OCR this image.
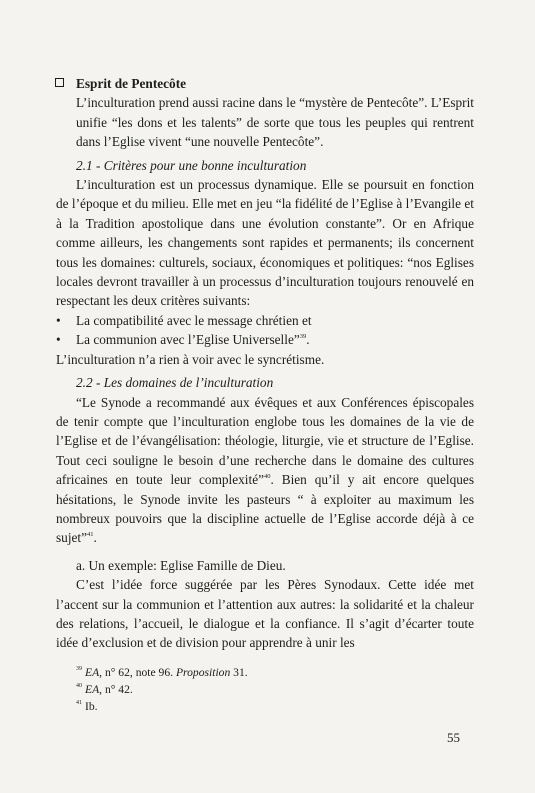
Esprit de Pentecôte

L’inculturation prend aussi racine dans le “mystère de Pentecôte”. L’Esprit unifie “les dons et les talents” de sorte que tous les peuples qui rentrent dans l’Eglise vivent “une nouvelle Pentecôte”.

2.1 - Critères pour une bonne inculturation

L’inculturation est un processus dynamique. Elle se poursuit en fonction de l’époque et du milieu. Elle met en jeu “la fidélité de l’Eglise à l’Evangile et à la Tradition apostolique dans une évolution constante”. Or en Afrique comme ailleurs, les changements sont rapides et permanents; ils concernent tous les domaines: culturels, sociaux, économiques et politiques: “nos Eglises locales devront travailler à un processus d’inculturation toujours renouvelé en respectant les deux critères suivants:

• La compatibilité avec le message chrétien et
• La communion avec l’Eglise Universelle”$^{39}$.

L’inculturation n’a rien à voir avec le syncrétisme.

2.2 - Les domaines de l’inculturation

“Le Synode a recommandé aux évêques et aux Conférences épiscopales de tenir compte que l’inculturation englobe tous les domaines de la vie de l’Eglise et de l’évangélisation: théologie, liturgie, vie et structure de l’Eglise. Tout ceci souligne le besoin d’une recherche dans le domaine des cultures africaines en toute leur complexité”$^{40}$. Bien qu’il y ait encore quelques hésitations, le Synode invite les pasteurs “ à exploiter au maximum les nombreux pouvoirs que la discipline actuelle de l’Eglise accorde déjà à ce sujet”$^{41}$.

a. Un exemple: Eglise Famille de Dieu.

C’est l’idée force suggérée par les Pères Synodaux. Cette idée met l’accent sur la communion et l’attention aux autres: la solidarité et la chaleur des relations, l’accueil, le dialogue et la confiance. Il s’agit d’écarter toute idée d’exclusion et de division pour apprendre à unir les

$^{39}$ EA, n° 62, note 96. Proposition 31.
$^{40}$ EA, n° 42.
$^{41}$ Ib.
55
